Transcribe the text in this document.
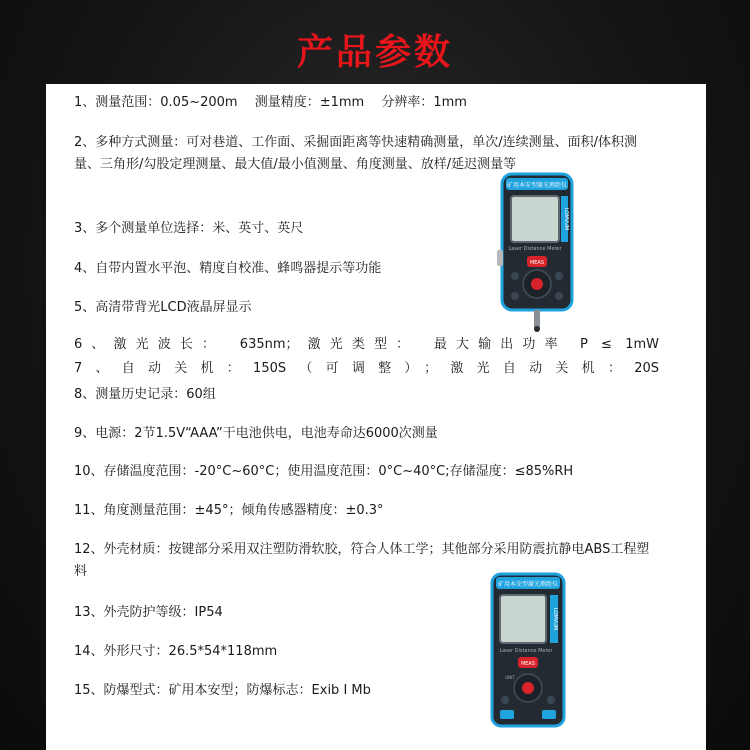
产品参数

1、测量范围：0.05~200m　 测量精度：±1mm　 分辨率：1mm

2、多种方式测量：可对巷道、工作面、采掘面距离等快速精确测量，单次/连续测量、面积/体积测量、三角形/勾股定理测量、最大值/最小值测量、角度测量、放样/延迟测量等

3、多个测量单位选择：米、英寸、英尺

4、自带内置水平泡、精度自校准、蜂鸣器提示等功能

5、高清带背光LCD液晶屏显示

6、激光波长：　635nm；激光类型：　最大输出功率 P ≤ 1mW

7、自动关机：150S（可调整）；激光自动关机：20S

8、测量历史记录：60组

9、电源：2节1.5V“AAA”干电池供电，电池寿命达6000次测量

10、存储温度范围：-20°C~60°C；使用温度范围：0°C~40°C;存储湿度：≤85%RH

11、角度测量范围：±45°；倾角传感器精度：±0.3°

12、外壳材质：按键部分采用双注塑防滑软胶，符合人体工学；其他部分采用防震抗静电ABS工程塑料

13、外壳防护等级：IP54

14、外形尺寸：26.5*54*118mm

15、防爆型式：矿用本安型；防爆标志：Exib I Mb

矿用本安型激光测距仪
LOMVUM
Laser Distance Meter
MEAS
矿用本安型激光测距仪
LOMVUM
Laser Distance Meter
MEAS
UNIT
